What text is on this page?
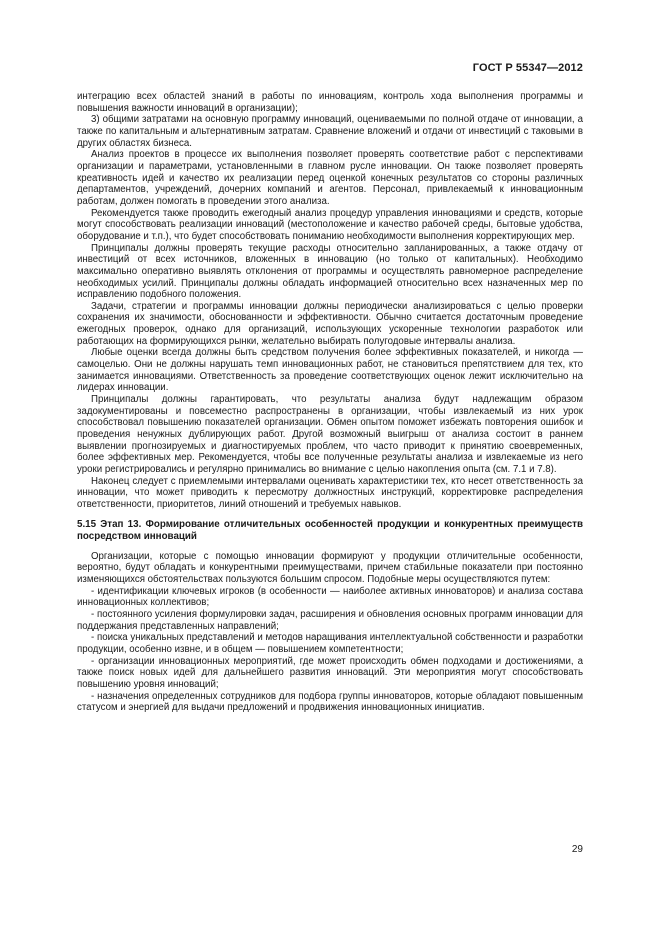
ГОСТ Р 55347—2012

интеграцию всех областей знаний в работы по инновациям, контроль хода выполнения программы и повышения важности инноваций в организации);

3) общими затратами на основную программу инноваций, оцениваемыми по полной отдаче от инновации, а также по капитальным и альтернативным затратам. Сравнение вложений и отдачи от инвестиций с таковыми в других областях бизнеса.

Анализ проектов в процессе их выполнения позволяет проверять соответствие работ с перспективами организации и параметрами, установленными в главном русле инновации. Он также позволяет проверять креативность идей и качество их реализации перед оценкой конечных результатов со стороны различных департаментов, учреждений, дочерних компаний и агентов. Персонал, привлекаемый к инновационным работам, должен помогать в проведении этого анализа.

Рекомендуется также проводить ежегодный анализ процедур управления инновациями и средств, которые могут способствовать реализации инноваций (местоположение и качество рабочей среды, бытовые удобства, оборудование и т.п.), что будет способствовать пониманию необходимости выполнения корректирующих мер.

Принципалы должны проверять текущие расходы относительно запланированных, а также отдачу от инвестиций от всех источников, вложенных в инновацию (но только от капитальных). Необходимо максимально оперативно выявлять отклонения от программы и осуществлять равномерное распределение необходимых усилий. Принципалы должны обладать информацией относительно всех назначенных мер по исправлению подобного положения.

Задачи, стратегии и программы инновации должны периодически анализироваться с целью проверки сохранения их значимости, обоснованности и эффективности. Обычно считается достаточным проведение ежегодных проверок, однако для организаций, использующих ускоренные технологии разработок или работающих на формирующихся рынки, желательно выбирать полугодовые интервалы анализа.

Любые оценки всегда должны быть средством получения более эффективных показателей, и никогда — самоцелью. Они не должны нарушать темп инновационных работ, не становиться препятствием для тех, кто занимается инновациями. Ответственность за проведение соответствующих оценок лежит исключительно на лидерах инновации.

Принципалы должны гарантировать, что результаты анализа будут надлежащим образом задокументированы и повсеместно распространены в организации, чтобы извлекаемый из них урок способствовал повышению показателей организации. Обмен опытом поможет избежать повторения ошибок и проведения ненужных дублирующих работ. Другой возможный выигрыш от анализа состоит в раннем выявлении прогнозируемых и диагностируемых проблем, что часто приводит к принятию своевременных, более эффективных мер. Рекомендуется, чтобы все полученные результаты анализа и извлекаемые из него уроки регистрировались и регулярно принимались во внимание с целью накопления опыта (см. 7.1 и 7.8).

Наконец следует с приемлемыми интервалами оценивать характеристики тех, кто несет ответственность за инновации, что может приводить к пересмотру должностных инструкций, корректировке распределения ответственности, приоритетов, линий отношений и требуемых навыков.

5.15 Этап 13. Формирование отличительных особенностей продукции и конкурентных преимуществ посредством инноваций

Организации, которые с помощью инновации формируют у продукции отличительные особенности, вероятно, будут обладать и конкурентными преимуществами, причем стабильные показатели при постоянно изменяющихся обстоятельствах пользуются большим спросом. Подобные меры осуществляются путем:

- идентификации ключевых игроков (в особенности — наиболее активных инноваторов) и анализа состава инновационных коллективов;

- постоянного усиления формулировки задач, расширения и обновления основных программ инновации для поддержания представленных направлений;

- поиска уникальных представлений и методов наращивания интеллектуальной собственности и разработки продукции, особенно извне, и в общем — повышением компетентности;

- организации инновационных мероприятий, где может происходить обмен подходами и достижениями, а также поиск новых идей для дальнейшего развития инноваций. Эти мероприятия могут способствовать повышению уровня инноваций;

- назначения определенных сотрудников для подбора группы инноваторов, которые обладают повышенным статусом и энергией для выдачи предложений и продвижения инновационных инициатив.

29
